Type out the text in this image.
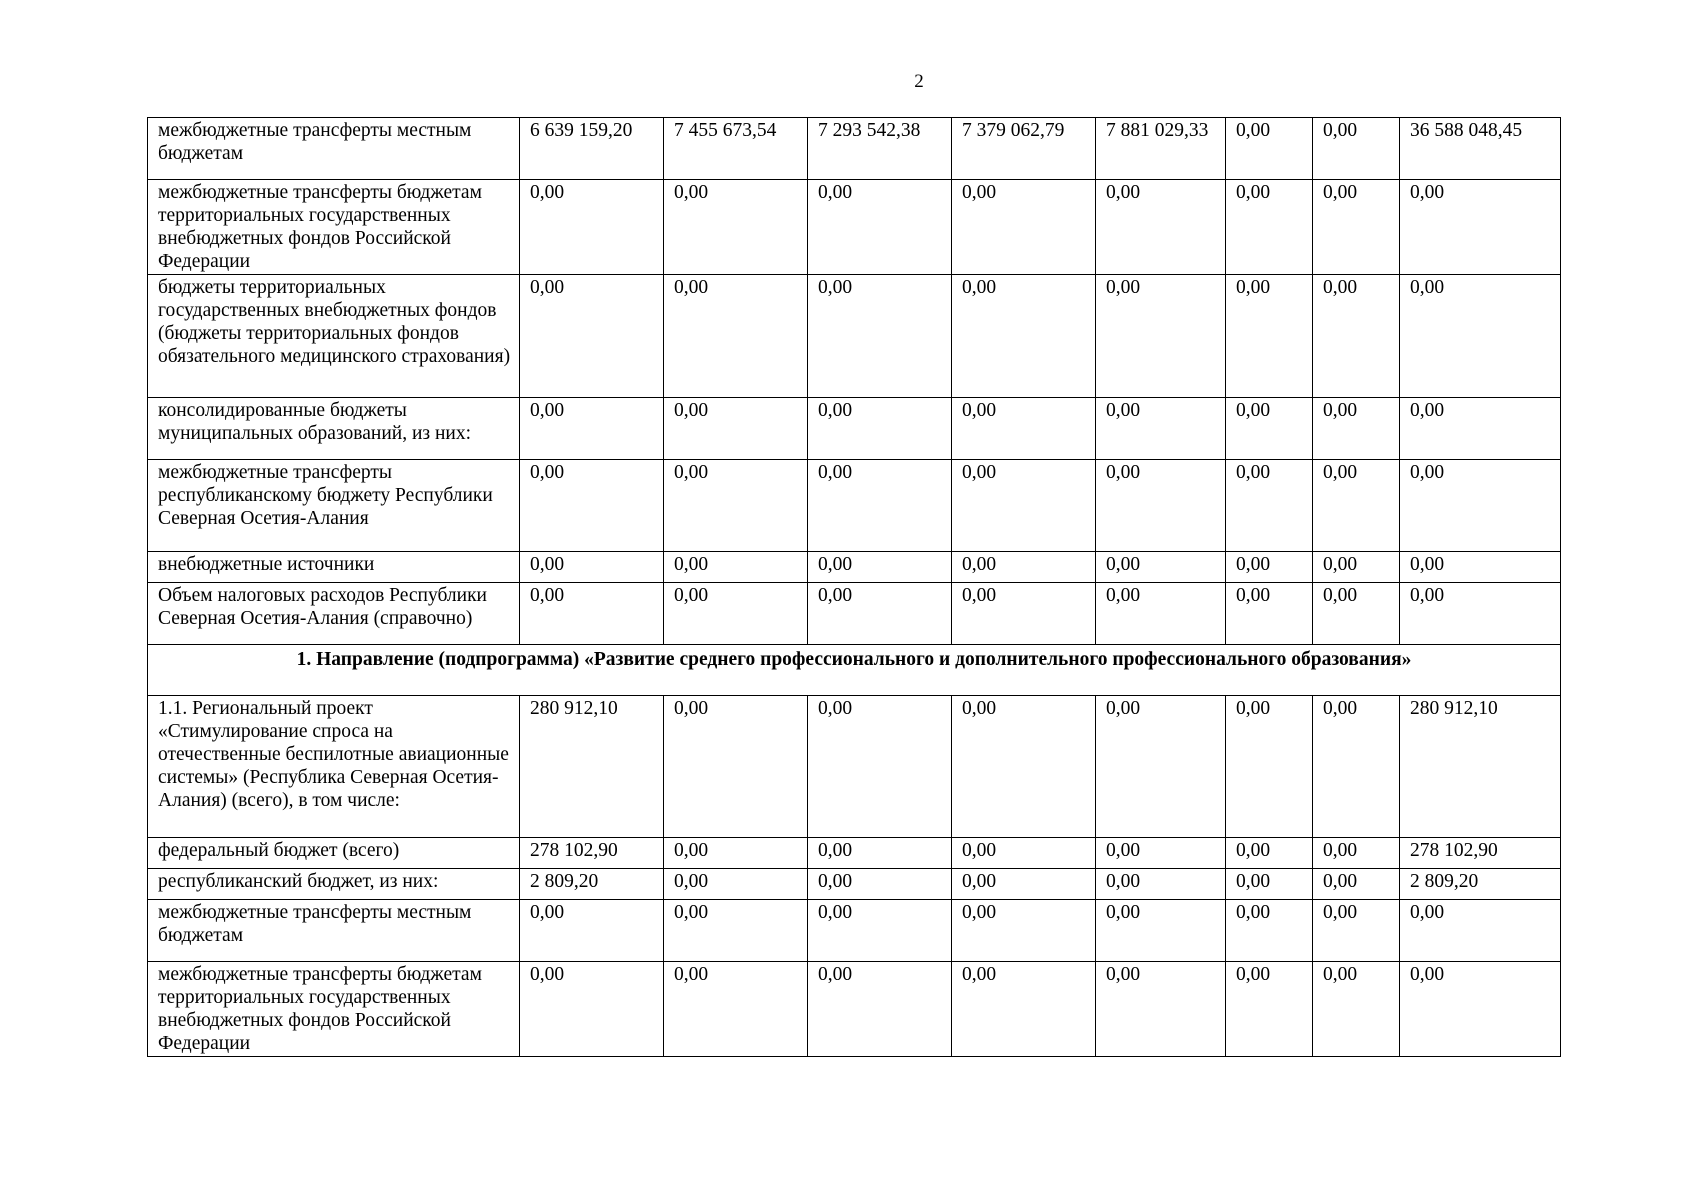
2
межбюджетные трансферты местным бюджетам	6 639 159,20	7 455 673,54	7 293 542,38	7 379 062,79	7 881 029,33	0,00	0,00	36 588 048,45
межбюджетные трансферты бюджетам территориальных государственных внебюджетных фондов Российской Федерации	0,00	0,00	0,00	0,00	0,00	0,00	0,00	0,00
бюджеты территориальных государственных внебюджетных фондов (бюджеты территориальных фондов обязательного медицинского страхования)	0,00	0,00	0,00	0,00	0,00	0,00	0,00	0,00
консолидированные бюджеты муниципальных образований, из них:	0,00	0,00	0,00	0,00	0,00	0,00	0,00	0,00
межбюджетные трансферты республиканскому бюджету Республики Северная Осетия-Алания	0,00	0,00	0,00	0,00	0,00	0,00	0,00	0,00
внебюджетные источники	0,00	0,00	0,00	0,00	0,00	0,00	0,00	0,00
Объем налоговых расходов Республики Северная Осетия-Алания (справочно)	0,00	0,00	0,00	0,00	0,00	0,00	0,00	0,00
1. Направление (подпрограмма) «Развитие среднего профессионального и дополнительного профессионального образования»								
1.1. Региональный проект «Стимулирование спроса на отечественные беспилотные авиационные системы» (Республика Северная Осетия-Алания) (всего), в том числе:	280 912,10	0,00	0,00	0,00	0,00	0,00	0,00	280 912,10
федеральный бюджет (всего)	278 102,90	0,00	0,00	0,00	0,00	0,00	0,00	278 102,90
республиканский бюджет, из них:	2 809,20	0,00	0,00	0,00	0,00	0,00	0,00	2 809,20
межбюджетные трансферты местным бюджетам	0,00	0,00	0,00	0,00	0,00	0,00	0,00	0,00
межбюджетные трансферты бюджетам территориальных государственных внебюджетных фондов Российской Федерации	0,00	0,00	0,00	0,00	0,00	0,00	0,00	0,00
